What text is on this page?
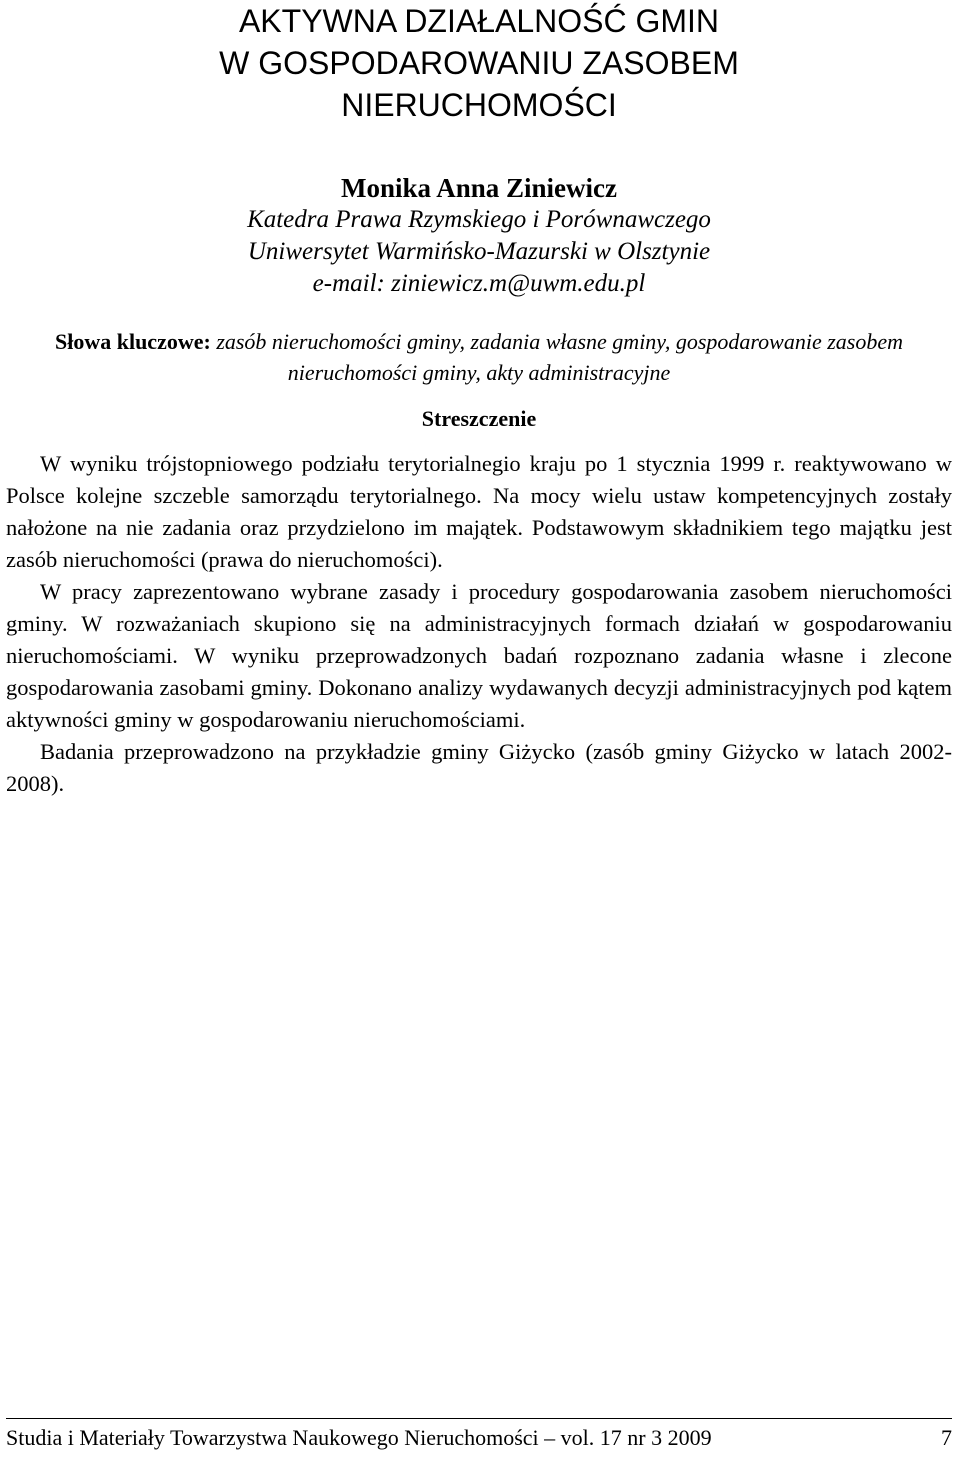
AKTYWNA DZIAŁALNOŚĆ GMIN
W GOSPODAROWANIU ZASOBEM
NIERUCHOMOŚCI
Monika Anna Ziniewicz
Katedra Prawa Rzymskiego i Porównawczego
Uniwersytet Warmińsko-Mazurski w Olsztynie
e-mail: ziniewicz.m@uwm.edu.pl
Słowa kluczowe: zasób nieruchomości gminy, zadania własne gminy, gospodarowanie zasobem nieruchomości gminy, akty administracyjne
Streszczenie

W wyniku trójstopniowego podziału terytorialnegio kraju po 1 stycznia 1999 r. reaktywowano w Polsce kolejne szczeble samorządu terytorialnego. Na mocy wielu ustaw kompetencyjnych zostały nałożone na nie zadania oraz przydzielono im majątek. Podstawowym składnikiem tego majątku jest zasób nieruchomości (prawa do nieruchomości).

W pracy zaprezentowano wybrane zasady i procedury gospodarowania zasobem nieruchomości gminy. W rozważaniach skupiono się na administracyjnych formach działań w gospodarowaniu nieruchomościami. W wyniku przeprowadzonych badań rozpoznano zadania własne i zlecone gospodarowania zasobami gminy. Dokonano analizy wydawanych decyzji administracyjnych pod kątem aktywności gminy w gospodarowaniu nieruchomościami.

Badania przeprowadzono na przykładzie gminy Giżycko (zasób gminy Giżycko w latach 2002-2008).

Studia i Materiały Towarzystwa Naukowego Nieruchomości – vol. 17 nr 3 2009	7
